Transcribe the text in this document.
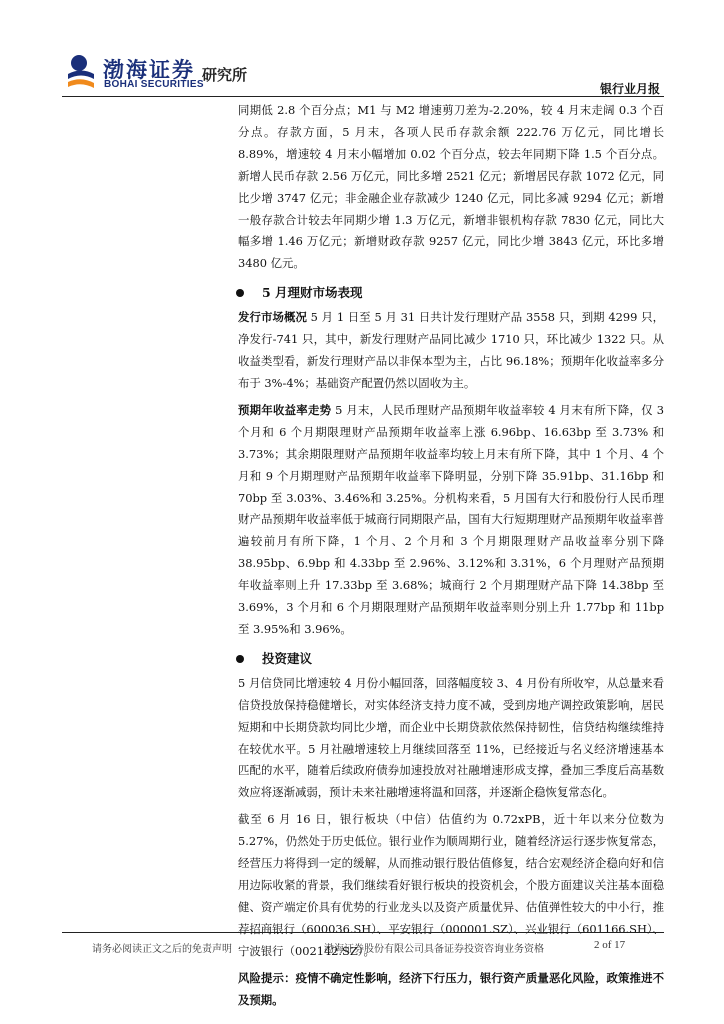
渤海证券
BOHAI SECURITIES
研究所
银行业月报

同期低 2.8 个百分点；M1 与 M2 增速剪刀差为-2.20%，较 4 月末走阔 0.3 个百分点。存款方面，5 月末，各项人民币存款余额 222.76 万亿元，同比增长 8.89%，增速较 4 月末小幅增加 0.02 个百分点，较去年同期下降 1.5 个百分点。新增人民币存款 2.56 万亿元，同比多增 2521 亿元；新增居民存款 1072 亿元，同比少增 3747 亿元；非金融企业存款减少 1240 亿元，同比多减 9294 亿元；新增一般存款合计较去年同期少增 1.3 万亿元，新增非银机构存款 7830 亿元，同比大幅多增 1.46 万亿元；新增财政存款 9257 亿元，同比少增 3843 亿元，环比多增 3480 亿元。

5 月理财市场表现

发行市场概况 5 月 1 日至 5 月 31 日共计发行理财产品 3558 只，到期 4299 只，净发行-741 只，其中，新发行理财产品同比减少 1710 只，环比减少 1322 只。从收益类型看，新发行理财产品以非保本型为主，占比 96.18%；预期年化收益率多分布于 3%-4%；基础资产配置仍然以固收为主。

预期年收益率走势 5 月末，人民币理财产品预期年收益率较 4 月末有所下降，仅 3 个月和 6 个月期限理财产品预期年收益率上涨 6.96bp、16.63bp 至 3.73% 和 3.73%；其余期限理财产品预期年收益率均较上月末有所下降，其中 1 个月、4 个月和 9 个月期理财产品预期年收益率下降明显，分别下降 35.91bp、31.16bp 和 70bp 至 3.03%、3.46%和 3.25%。分机构来看，5 月国有大行和股份行人民币理财产品预期年收益率低于城商行同期限产品，国有大行短期理财产品预期年收益率普遍较前月有所下降，1 个月、2 个月和 3 个月期限理财产品收益率分别下降 38.95bp、6.9bp 和 4.33bp 至 2.96%、3.12%和 3.31%，6 个月理财产品预期年收益率则上升 17.33bp 至 3.68%；城商行 2 个月期理财产品下降 14.38bp 至 3.69%，3 个月和 6 个月期限理财产品预期年收益率则分别上升 1.77bp 和 11bp 至 3.95%和 3.96%。

投资建议

5 月信贷同比增速较 4 月份小幅回落，回落幅度较 3、4 月份有所收窄，从总量来看信贷投放保持稳健增长，对实体经济支持力度不减，受到房地产调控政策影响，居民短期和中长期贷款均同比少增，而企业中长期贷款依然保持韧性，信贷结构继续维持在较优水平。5 月社融增速较上月继续回落至 11%，已经接近与名义经济增速基本匹配的水平，随着后续政府债券加速投放对社融增速形成支撑，叠加三季度后高基数效应将逐渐减弱，预计未来社融增速将温和回落，并逐渐企稳恢复常态化。

截至 6 月 16 日，银行板块（中信）估值约为 0.72xPB，近十年以来分位数为 5.27%，仍然处于历史低位。银行业作为顺周期行业，随着经济运行逐步恢复常态，经营压力将得到一定的缓解，从而推动银行股估值修复，结合宏观经济企稳向好和信用边际收紧的背景，我们继续看好银行板块的投资机会，个股方面建议关注基本面稳健、资产端定价具有优势的行业龙头以及资产质量优异、估值弹性较大的中小行，推荐招商银行（600036.SH）、平安银行（000001.SZ）、兴业银行（601166.SH）、宁波银行（002142.SZ）。

风险提示：疫情不确定性影响，经济下行压力，银行资产质量恶化风险，政策推进不及预期。

请务必阅读正文之后的免责声明	渤海证券股份有限公司具备证券投资咨询业务资格	2 of 17
